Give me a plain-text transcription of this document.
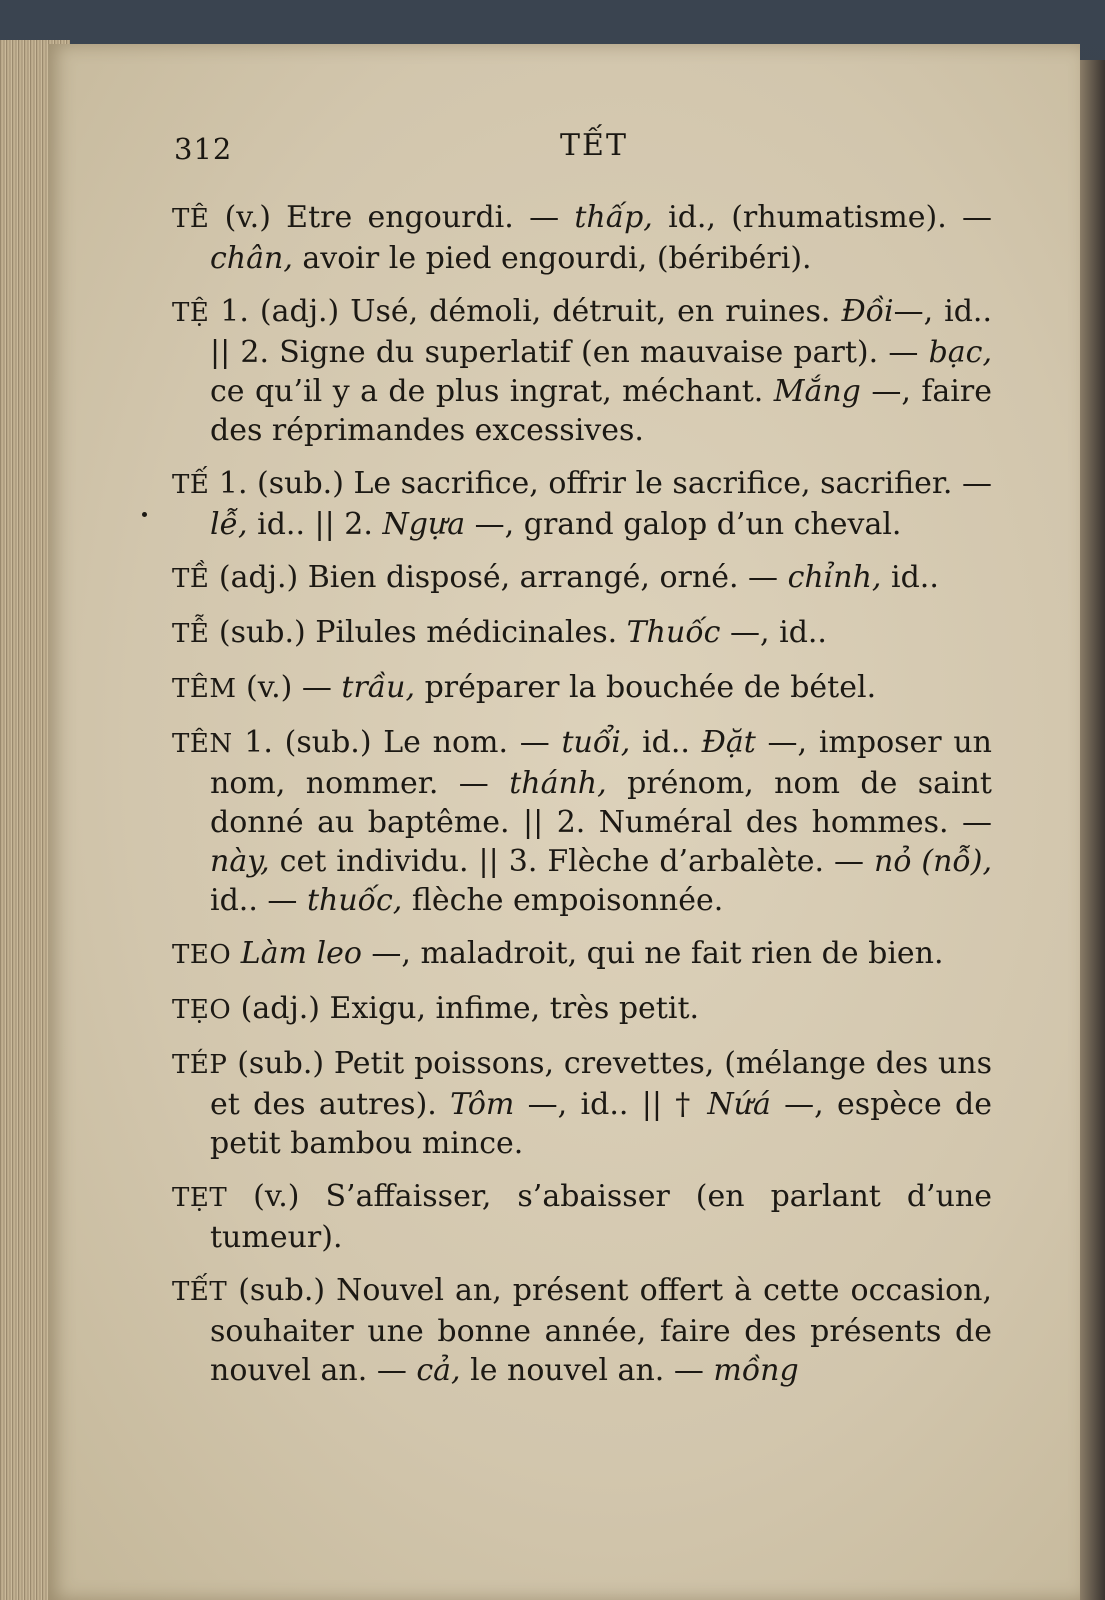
312	TẾT

TÊ (v.) Etre engourdi. — thấp, id., (rhumatisme). — chân, avoir le pied engourdi, (béribéri).

TỆ 1. (adj.) Usé, démoli, détruit, en ruines. Đồi—, id.. || 2. Signe du superlatif (en mauvaise part). — bạc, ce qu’il y a de plus ingrat, méchant. Mắng —, faire des réprimandes excessives.

TẾ 1. (sub.) Le sacrifice, offrir le sacrifice, sacrifier. — lễ, id.. || 2. Ngựa —, grand galop d’un cheval.

TỀ (adj.) Bien disposé, arrangé, orné. — chỉnh, id..

TỄ (sub.) Pilules médicinales. Thuốc —, id..

TÊM (v.) — trầu, préparer la bouchée de bétel.

TÊN 1. (sub.) Le nom. — tuổi, id.. Đặt —, imposer un nom, nommer. — thánh, prénom, nom de saint donné au baptême. || 2. Numéral des hommes. — này, cet individu. || 3. Flèche d’arbalète. — nỏ (nỗ), id.. — thuốc, flèche empoisonnée.

TEO Làm leo —, maladroit, qui ne fait rien de bien.

TẸO (adj.) Exigu, infime, très petit.

TÉP (sub.) Petit poissons, crevettes, (mélange des uns et des autres). Tôm —, id.. || † Nứá —, espèce de petit bambou mince.

TẸT (v.) S’affaisser, s’abaisser (en parlant d’une tumeur).

TẾT (sub.) Nouvel an, présent offert à cette occasion, souhaiter une bonne année, faire des présents de nouvel an. — cả, le nouvel an. — mồng
